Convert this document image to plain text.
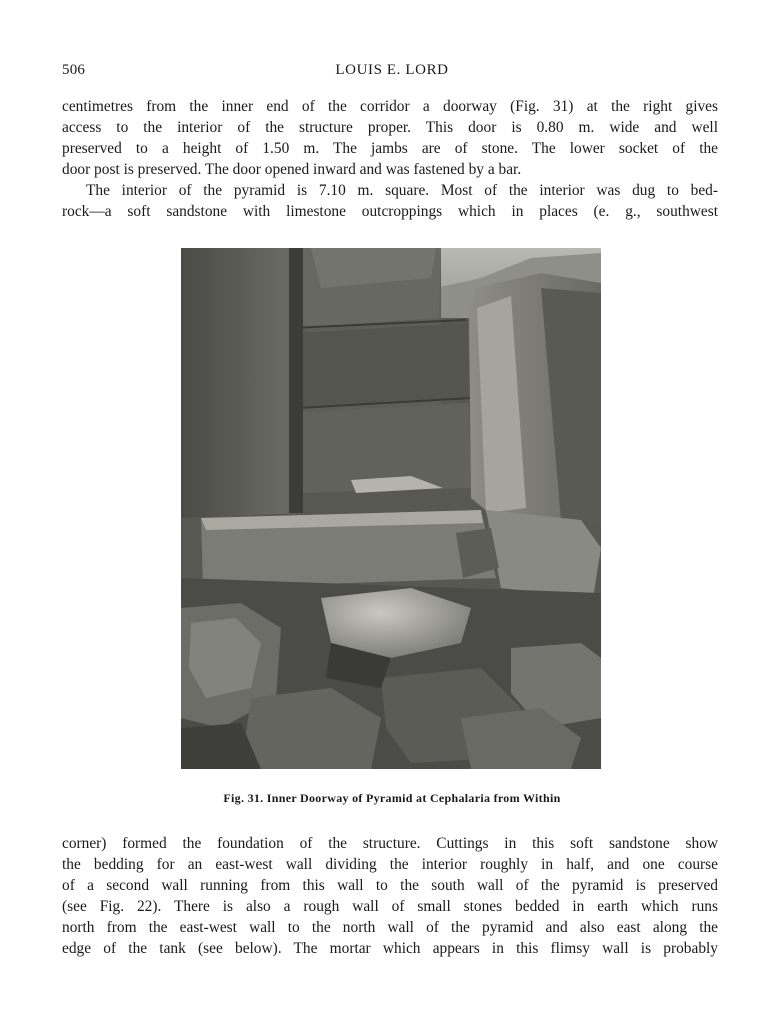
506	LOUIS E. LORD

centimetres from the inner end of the corridor a doorway (Fig. 31) at the right gives
access to the interior of the structure proper. This door is 0.80 m. wide and well
preserved to a height of 1.50 m. The jambs are of stone. The lower socket of the
door post is preserved. The door opened inward and was fastened by a bar.

The interior of the pyramid is 7.10 m. square. Most of the interior was dug to bed-
rock—a soft sandstone with limestone outcroppings which in places (e. g., southwest

Fig. 31. Inner Doorway of Pyramid at Cephalaria from Within

corner) formed the foundation of the structure. Cuttings in this soft sandstone show
the bedding for an east-west wall dividing the interior roughly in half, and one course
of a second wall running from this wall to the south wall of the pyramid is preserved
(see Fig. 22). There is also a rough wall of small stones bedded in earth which runs
north from the east-west wall to the north wall of the pyramid and also east along the
edge of the tank (see below). The mortar which appears in this flimsy wall is probably
